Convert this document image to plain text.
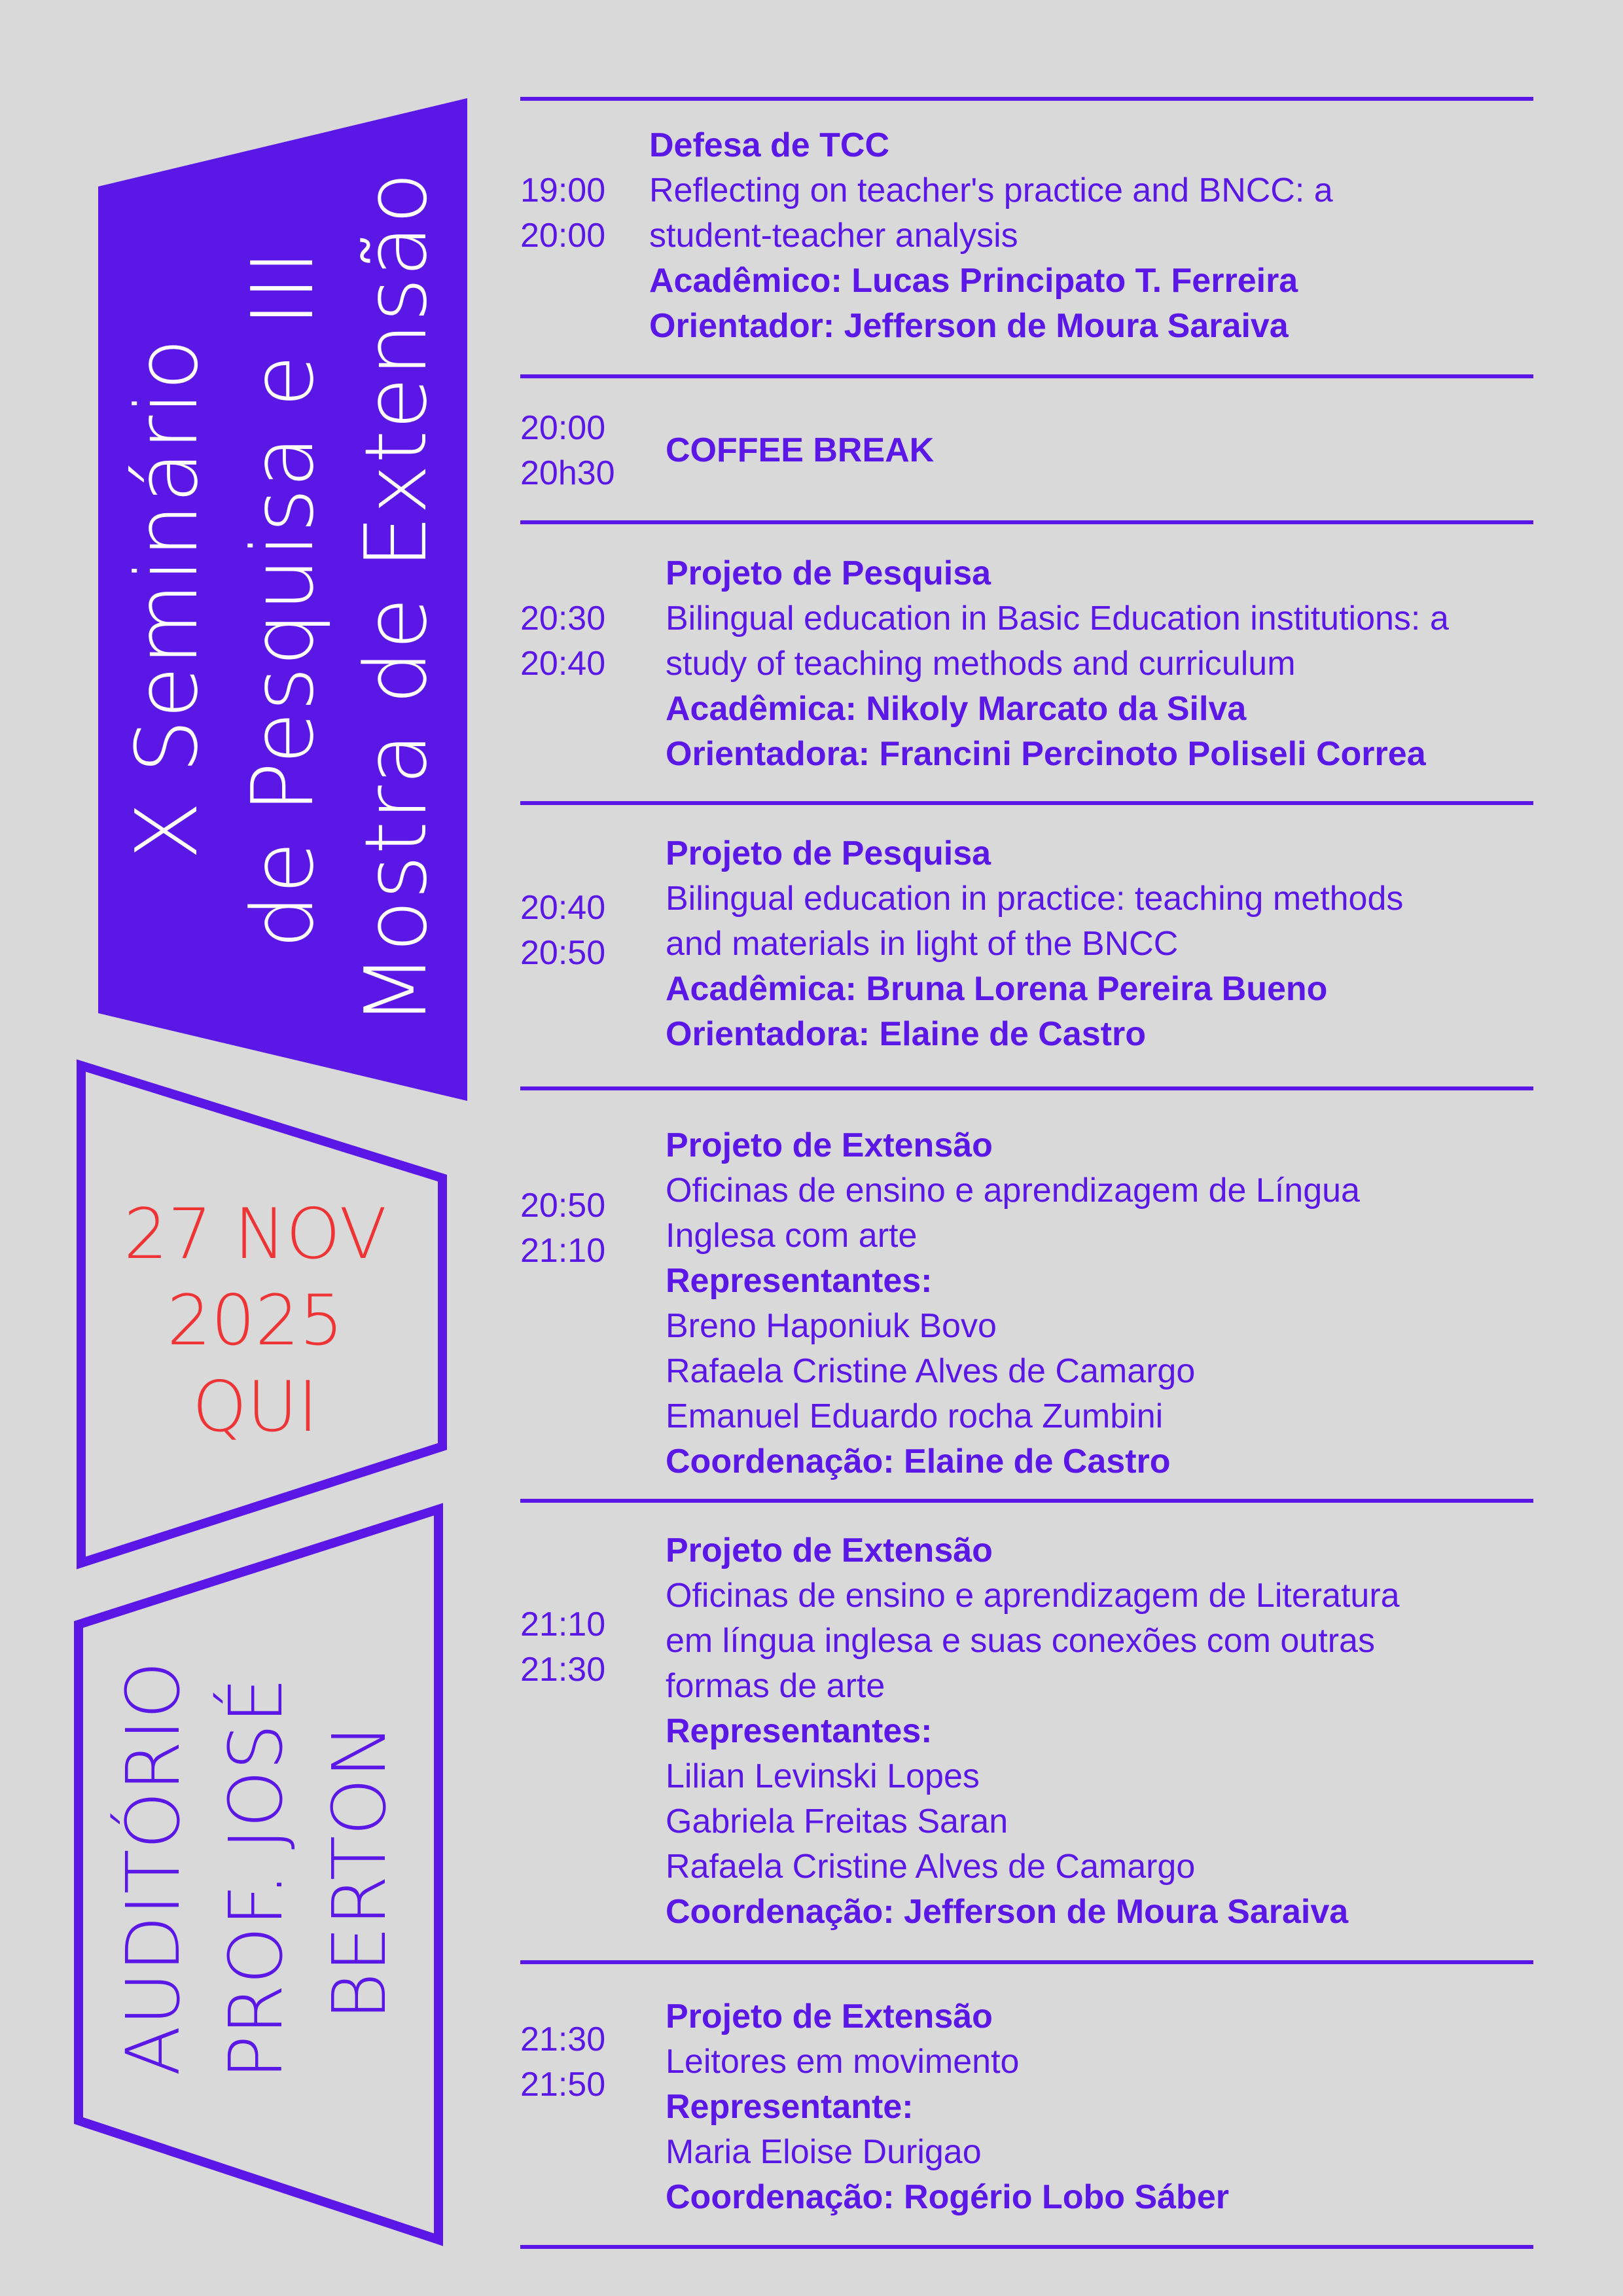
X Seminário de Pesquisa e III Mostra de Extensão
27 NOV
2025
QUI
AUDITÓRIO PROF. JOSÉ BERTON
19:00
20:00
Defesa de TCC
Reflecting on teacher's practice and BNCC: a
student-teacher analysis
Acadêmico: Lucas Principato T. Ferreira
Orientador: Jefferson de Moura Saraiva
20:00
20h30
COFFEE BREAK
20:30
20:40
Projeto de Pesquisa
Bilingual education in Basic Education institutions: a
study of teaching methods and curriculum
Acadêmica: Nikoly Marcato da Silva
Orientadora: Francini Percinoto Poliseli Correa
20:40
20:50
Projeto de Pesquisa
Bilingual education in practice: teaching methods
and materials in light of the BNCC
Acadêmica: Bruna Lorena Pereira Bueno
Orientadora: Elaine de Castro
20:50
21:10
Projeto de Extensão
Oficinas de ensino e aprendizagem de Língua
Inglesa com arte
Representantes:
Breno Haponiuk Bovo
Rafaela Cristine Alves de Camargo
Emanuel Eduardo rocha Zumbini
Coordenação: Elaine de Castro
21:10
21:30
Projeto de Extensão
Oficinas de ensino e aprendizagem de Literatura
em língua inglesa e suas conexões com outras
formas de arte
Representantes:
Lilian Levinski Lopes
Gabriela Freitas Saran
Rafaela Cristine Alves de Camargo
Coordenação: Jefferson de Moura Saraiva
21:30
21:50
Projeto de Extensão
Leitores em movimento
Representante:
Maria Eloise Durigao
Coordenação: Rogério Lobo Sáber
